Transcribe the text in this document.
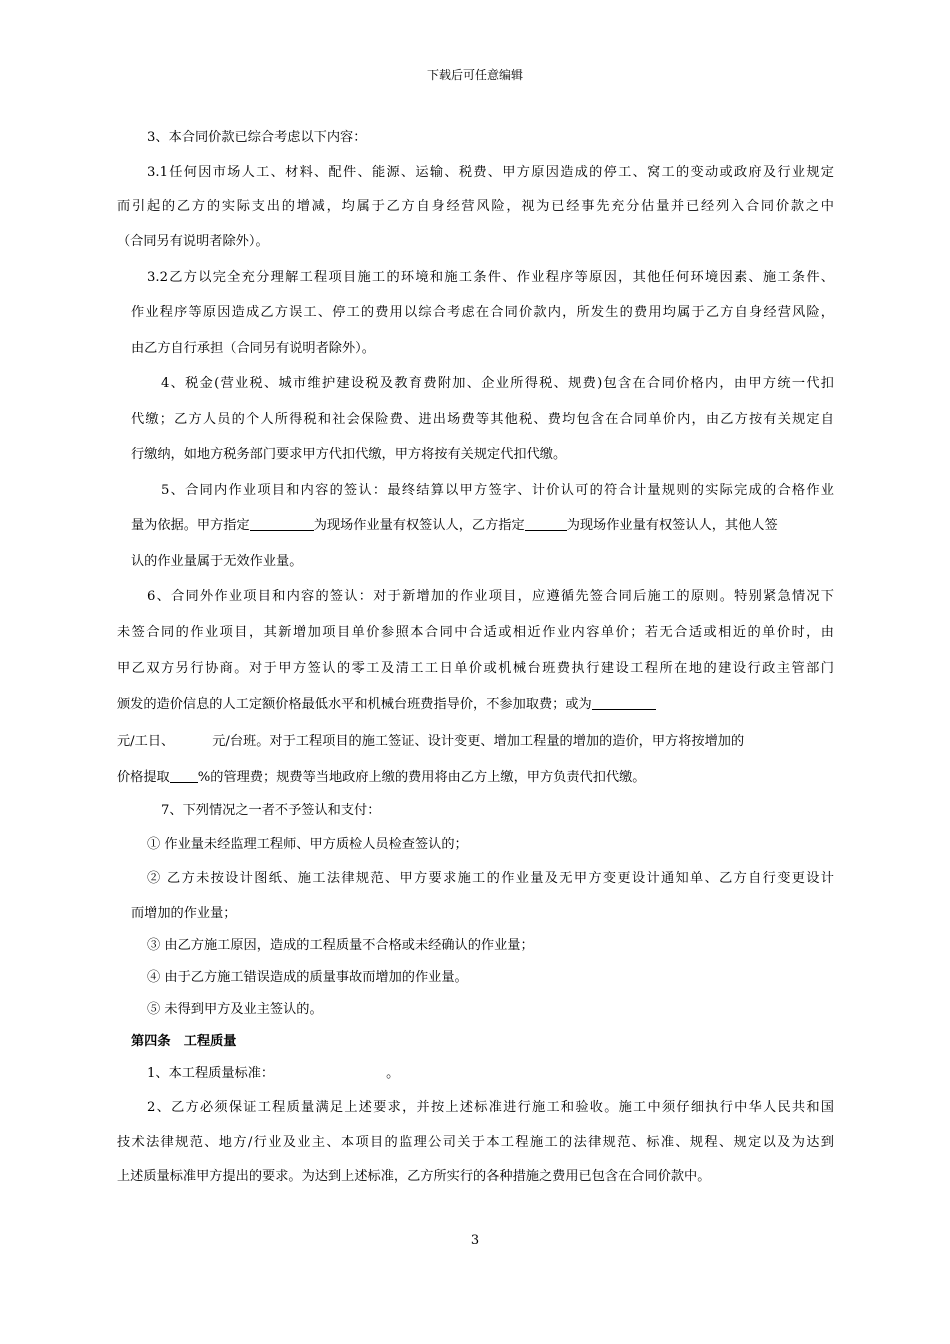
下载后可任意编辑
3、本合同价款已综合考虑以下内容：
3.1任何因市场人工、材料、配件、能源、运输、税费、甲方原因造成的停工、窝工的变动或政府及行业规定
而引起的乙方的实际支出的增减，均属于乙方自身经营风险，视为已经事先充分估量并已经列入合同价款之中
（合同另有说明者除外）。
3.2乙方以完全充分理解工程项目施工的环境和施工条件、作业程序等原因，其他任何环境因素、施工条件、
作业程序等原因造成乙方误工、停工的费用以综合考虑在合同价款内，所发生的费用均属于乙方自身经营风险，
由乙方自行承担（合同另有说明者除外）。
4、税金(营业税、城市维护建设税及教育费附加、企业所得税、规费)包含在合同价格内，由甲方统一代扣
代缴；乙方人员的个人所得税和社会保险费、进出场费等其他税、费均包含在合同单价内，由乙方按有关规定自
行缴纳，如地方税务部门要求甲方代扣代缴，甲方将按有关规定代扣代缴。
5、合同内作业项目和内容的签认：最终结算以甲方签字、计价认可的符合计量规则的实际完成的合格作业
量为依据。甲方指定	为现场作业量有权签认人，乙方指定	为现场作业量有权签认人，其他人签
认的作业量属于无效作业量。
6、合同外作业项目和内容的签认：对于新增加的作业项目，应遵循先签合同后施工的原则。特别紧急情况下
未签合同的作业项目，其新增加项目单价参照本合同中合适或相近作业内容单价；若无合适或相近的单价时，由
甲乙双方另行协商。对于甲方签认的零工及清工工日单价或机械台班费执行建设工程所在地的建设行政主管部门
颁发的造价信息的人工定额价格最低水平和机械台班费指导价，不参加取费；或为
元/工日、	元/台班。对于工程项目的施工签证、设计变更、增加工程量的增加的造价，甲方将按增加的
价格提取 %的管理费；规费等当地政府上缴的费用将由乙方上缴，甲方负责代扣代缴。
7、下列情况之一者不予签认和支付：
① 作业量未经监理工程师、甲方质检人员检查签认的；
② 乙方未按设计图纸、施工法律规范、甲方要求施工的作业量及无甲方变更设计通知单、乙方自行变更设计
而增加的作业量；
③ 由乙方施工原因，造成的工程质量不合格或未经确认的作业量；
④ 由于乙方施工错误造成的质量事故而增加的作业量。
⑤ 未得到甲方及业主签认的。
第四条　工程质量
1、本工程质量标准：	。
2、乙方必须保证工程质量满足上述要求，并按上述标准进行施工和验收。施工中须仔细执行中华人民共和国
技术法律规范、地方/行业及业主、本项目的监理公司关于本工程施工的法律规范、标准、规程、规定以及为达到
上述质量标准甲方提出的要求。为达到上述标准，乙方所实行的各种措施之费用已包含在合同价款中。
3
